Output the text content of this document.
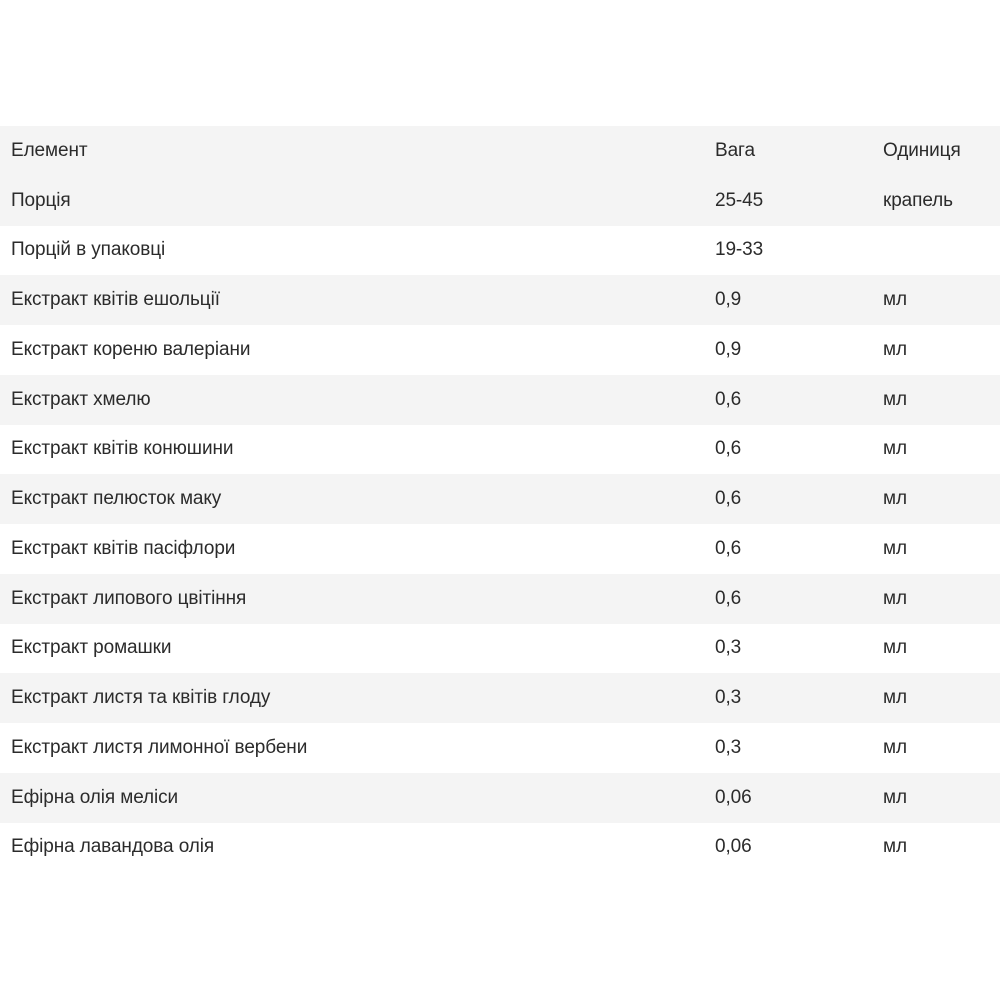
Елемент	Вага	Одиниця
Порція	25-45	крапель
Порцій в упаковці	19-33	
Екстракт квітів ешольції	0,9	мл
Екстракт кореню валеріани	0,9	мл
Екстракт хмелю	0,6	мл
Екстракт квітів конюшини	0,6	мл
Екстракт пелюсток маку	0,6	мл
Екстракт квітів пасіфлори	0,6	мл
Екстракт липового цвітіння	0,6	мл
Екстракт ромашки	0,3	мл
Екстракт листя та квітів глоду	0,3	мл
Екстракт листя лимонної вербени	0,3	мл
Ефірна олія меліси	0,06	мл
Ефірна лавандова олія	0,06	мл
